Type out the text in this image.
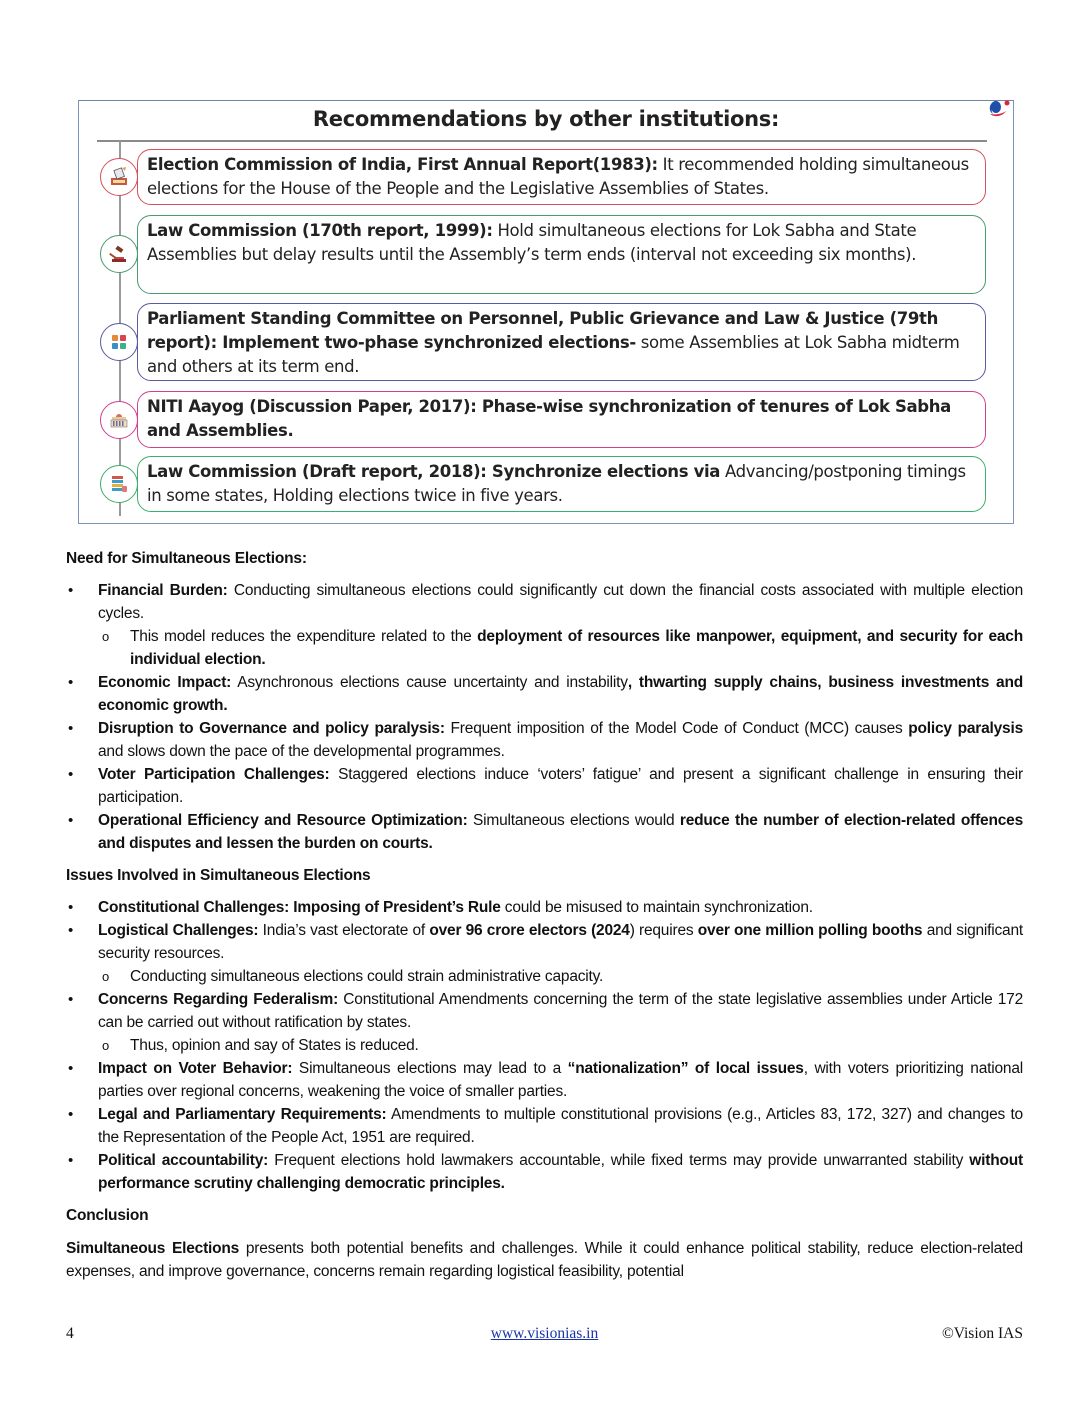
Recommendations by other institutions:
Election Commission of India, First Annual Report(1983): It recommended holding simultaneous elections for the House of the People and the Legislative Assemblies of States.
Law Commission (170th report, 1999): Hold simultaneous elections for Lok Sabha and State Assemblies but delay results until the Assembly’s term ends (interval not exceeding six months).
Parliament Standing Committee on Personnel, Public Grievance and Law & Justice (79th report): Implement two-phase synchronized elections- some Assemblies at Lok Sabha midterm and others at its term end.
NITI Aayog (Discussion Paper, 2017): Phase-wise synchronization of tenures of Lok Sabha and Assemblies.
Law Commission (Draft report, 2018): Synchronize elections via Advancing/postponing timings in some states, Holding elections twice in five years.

Need for Simultaneous Elections:

• Financial Burden: Conducting simultaneous elections could significantly cut down the financial costs associated with multiple election cycles.
o This model reduces the expenditure related to the deployment of resources like manpower, equipment, and security for each individual election.
• Economic Impact: Asynchronous elections cause uncertainty and instability, thwarting supply chains, business investments and economic growth.
• Disruption to Governance and policy paralysis: Frequent imposition of the Model Code of Conduct (MCC) causes policy paralysis and slows down the pace of the developmental programmes.
• Voter Participation Challenges: Staggered elections induce ‘voters’ fatigue’ and present a significant challenge in ensuring their participation.
• Operational Efficiency and Resource Optimization: Simultaneous elections would reduce the number of election-related offences and disputes and lessen the burden on courts.

Issues Involved in Simultaneous Elections

• Constitutional Challenges: Imposing of President’s Rule could be misused to maintain synchronization.
• Logistical Challenges: India’s vast electorate of over 96 crore electors (2024) requires over one million polling booths and significant security resources.
o Conducting simultaneous elections could strain administrative capacity.
• Concerns Regarding Federalism: Constitutional Amendments concerning the term of the state legislative assemblies under Article 172 can be carried out without ratification by states.
o Thus, opinion and say of States is reduced.
• Impact on Voter Behavior: Simultaneous elections may lead to a “nationalization” of local issues, with voters prioritizing national parties over regional concerns, weakening the voice of smaller parties.
• Legal and Parliamentary Requirements: Amendments to multiple constitutional provisions (e.g., Articles 83, 172, 327) and changes to the Representation of the People Act, 1951 are required.
• Political accountability: Frequent elections hold lawmakers accountable, while fixed terms may provide unwarranted stability without performance scrutiny challenging democratic principles.

Conclusion

Simultaneous Elections presents both potential benefits and challenges. While it could enhance political stability, reduce election-related expenses, and improve governance, concerns remain regarding logistical feasibility, potential

4	www.visionias.in	©Vision IAS
